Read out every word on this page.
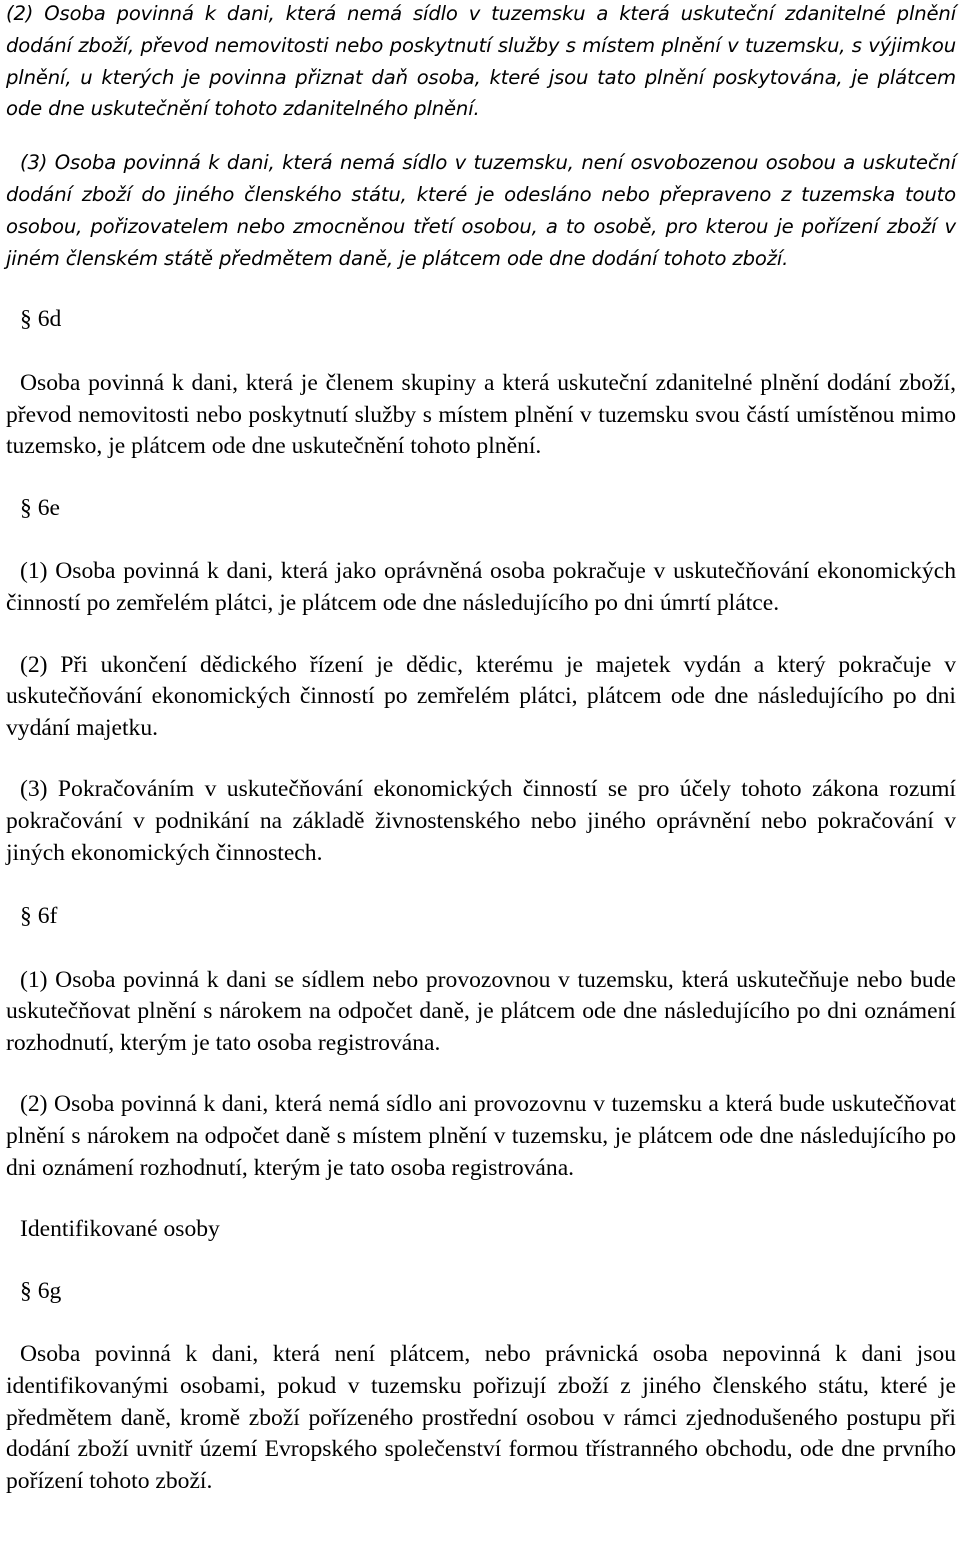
(2) Osoba povinná k dani, která nemá sídlo v tuzemsku a která uskuteční zdanitelné plnění dodání zboží, převod nemovitosti nebo poskytnutí služby s místem plnění v tuzemsku, s výjimkou plnění, u kterých je povinna přiznat daň osoba, které jsou tato plnění poskytována, je plátcem ode dne uskutečnění tohoto zdanitelného plnění.

(3) Osoba povinná k dani, která nemá sídlo v tuzemsku, není osvobozenou osobou a uskuteční dodání zboží do jiného členského státu, které je odesláno nebo přepraveno z tuzemska touto osobou, pořizovatelem nebo zmocněnou třetí osobou, a to osobě, pro kterou je pořízení zboží v jiném členském státě předmětem daně, je plátcem ode dne dodání tohoto zboží.

§ 6d

Osoba povinná k dani, která je členem skupiny a která uskuteční zdanitelné plnění dodání zboží, převod nemovitosti nebo poskytnutí služby s místem plnění v tuzemsku svou částí umístěnou mimo tuzemsko, je plátcem ode dne uskutečnění tohoto plnění.

§ 6e

(1) Osoba povinná k dani, která jako oprávněná osoba pokračuje v uskutečňování ekonomických činností po zemřelém plátci, je plátcem ode dne následujícího po dni úmrtí plátce.

(2) Při ukončení dědického řízení je dědic, kterému je majetek vydán a který pokračuje v uskutečňování ekonomických činností po zemřelém plátci, plátcem ode dne následujícího po dni vydání majetku.

(3) Pokračováním v uskutečňování ekonomických činností se pro účely tohoto zákona rozumí pokračování v podnikání na základě živnostenského nebo jiného oprávnění nebo pokračování v jiných ekonomických činnostech.

§ 6f

(1) Osoba povinná k dani se sídlem nebo provozovnou v tuzemsku, která uskutečňuje nebo bude uskutečňovat plnění s nárokem na odpočet daně, je plátcem ode dne následujícího po dni oznámení rozhodnutí, kterým je tato osoba registrována.

(2) Osoba povinná k dani, která nemá sídlo ani provozovnu v tuzemsku a která bude uskutečňovat plnění s nárokem na odpočet daně s místem plnění v tuzemsku, je plátcem ode dne následujícího po dni oznámení rozhodnutí, kterým je tato osoba registrována.

Identifikované osoby

§ 6g

Osoba povinná k dani, která není plátcem, nebo právnická osoba nepovinná k dani jsou identifikovanými osobami, pokud v tuzemsku pořizují zboží z jiného členského státu, které je předmětem daně, kromě zboží pořízeného prostřední osobou v rámci zjednodušeného postupu při dodání zboží uvnitř území Evropského společenství formou třístranného obchodu, ode dne prvního pořízení tohoto zboží.
